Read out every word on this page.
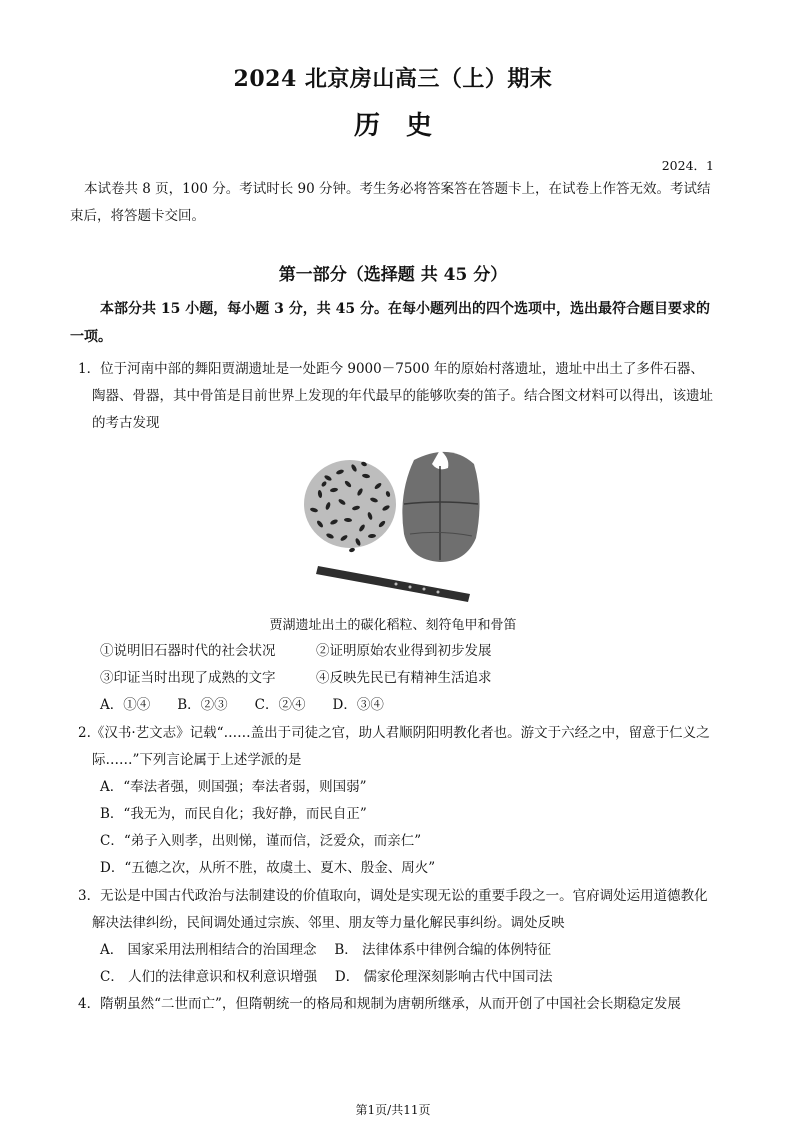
2024 北京房山高三（上）期末
历　史
2024．1
本试卷共 8 页，100 分。考试时长 90 分钟。考生务必将答案答在答题卡上，在试卷上作答无效。考试结束后，将答题卡交回。
第一部分（选择题 共 45 分）
本部分共 15 小题，每小题 3 分，共 45 分。在每小题列出的四个选项中，选出最符合题目要求的一项。
1．位于河南中部的舞阳贾湖遗址是一处距今 9000－7500 年的原始村落遗址，遗址中出土了多件石器、陶器、骨器，其中骨笛是目前世界上发现的年代最早的能够吹奏的笛子。结合图文材料可以得出，该遗址的考古发现
贾湖遗址出土的碳化稻粒、刻符龟甲和骨笛
①说明旧石器时代的社会状况	②证明原始农业得到初步发展
③印证当时出现了成熟的文字	④反映先民已有精神生活追求
A．①④　　B．②③　　C．②④　　D．③④
2.《汉书·艺文志》记载“……盖出于司徒之官，助人君顺阴阳明教化者也。游文于六经之中，留意于仁义之际……”下列言论属于上述学派的是
A．“奉法者强，则国强；奉法者弱，则国弱”
B．“我无为，而民自化；我好静，而民自正”
C．“弟子入则孝，出则悌，谨而信，泛爱众，而亲仁”
D．“五德之次，从所不胜，故虞土、夏木、殷金、周火”
3．无讼是中国古代政治与法制建设的价值取向，调处是实现无讼的重要手段之一。官府调处运用道德教化解决法律纠纷，民间调处通过宗族、邻里、朋友等力量化解民事纠纷。调处反映
A． 国家采用法刑相结合的治国理念　 B． 法律体系中律例合编的体例特征
C． 人们的法律意识和权利意识增强　 D． 儒家伦理深刻影响古代中国司法
4．隋朝虽然“二世而亡”，但隋朝统一的格局和规制为唐朝所继承，从而开创了中国社会长期稳定发展
第1页/共11页
